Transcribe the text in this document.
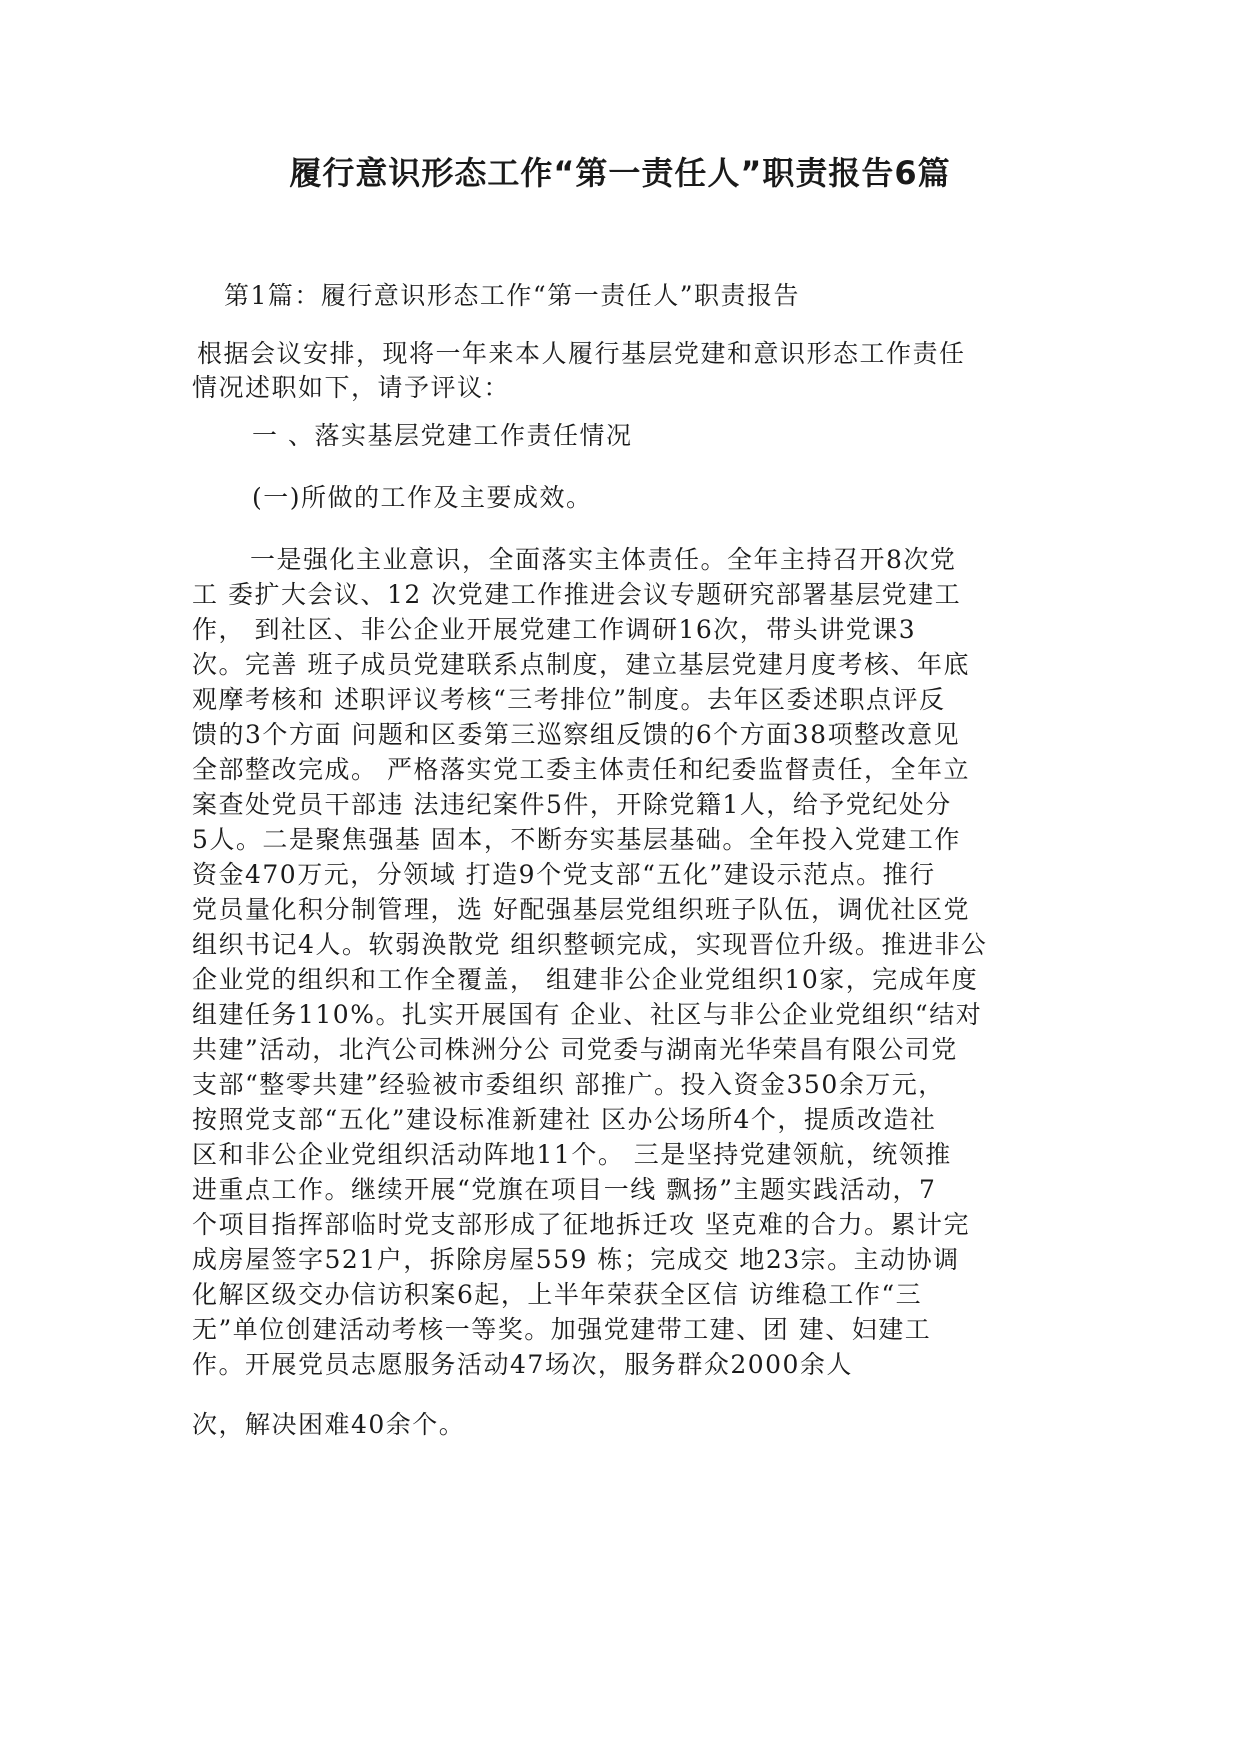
履行意识形态工作“第一责任人”职责报告6篇
第1篇：履行意识形态工作“第一责任人”职责报告
根据会议安排，现将一年来本人履行基层党建和意识形态工作责任
情况述职如下，请予评议：
一 、落实基层党建工作责任情况
(一)所做的工作及主要成效。
一是强化主业意识，全面落实主体责任。全年主持召开8次党
工 委扩大会议、12 次党建工作推进会议专题研究部署基层党建工
作， 到社区、非公企业开展党建工作调研16次，带头讲党课3
次。完善 班子成员党建联系点制度，建立基层党建月度考核、年底
观摩考核和 述职评议考核“三考排位”制度。去年区委述职点评反
馈的3个方面 问题和区委第三巡察组反馈的6个方面38项整改意见
全部整改完成。 严格落实党工委主体责任和纪委监督责任，全年立
案查处党员干部违 法违纪案件5件，开除党籍1人，给予党纪处分
5人。二是聚焦强基 固本，不断夯实基层基础。全年投入党建工作
资金470万元，分领域 打造9个党支部“五化”建设示范点。推行
党员量化积分制管理，选 好配强基层党组织班子队伍，调优社区党
组织书记4人。软弱涣散党 组织整顿完成，实现晋位升级。推进非公
企业党的组织和工作全覆盖， 组建非公企业党组织10家，完成年度
组建任务110%。扎实开展国有 企业、社区与非公企业党组织“结对
共建”活动，北汽公司株洲分公 司党委与湖南光华荣昌有限公司党
支部“整零共建”经验被市委组织 部推广。投入资金350余万元，
按照党支部“五化”建设标准新建社 区办公场所4个，提质改造社
区和非公企业党组织活动阵地11个。 三是坚持党建领航，统领推
进重点工作。继续开展“党旗在项目一线 飘扬”主题实践活动，7
个项目指挥部临时党支部形成了征地拆迁攻 坚克难的合力。累计完
成房屋签字521户，拆除房屋559 栋；完成交 地23宗。主动协调
化解区级交办信访积案6起，上半年荣获全区信 访维稳工作“三
无”单位创建活动考核一等奖。加强党建带工建、团 建、妇建工
作。开展党员志愿服务活动47场次，服务群众2000余人
次，解决困难40余个。
